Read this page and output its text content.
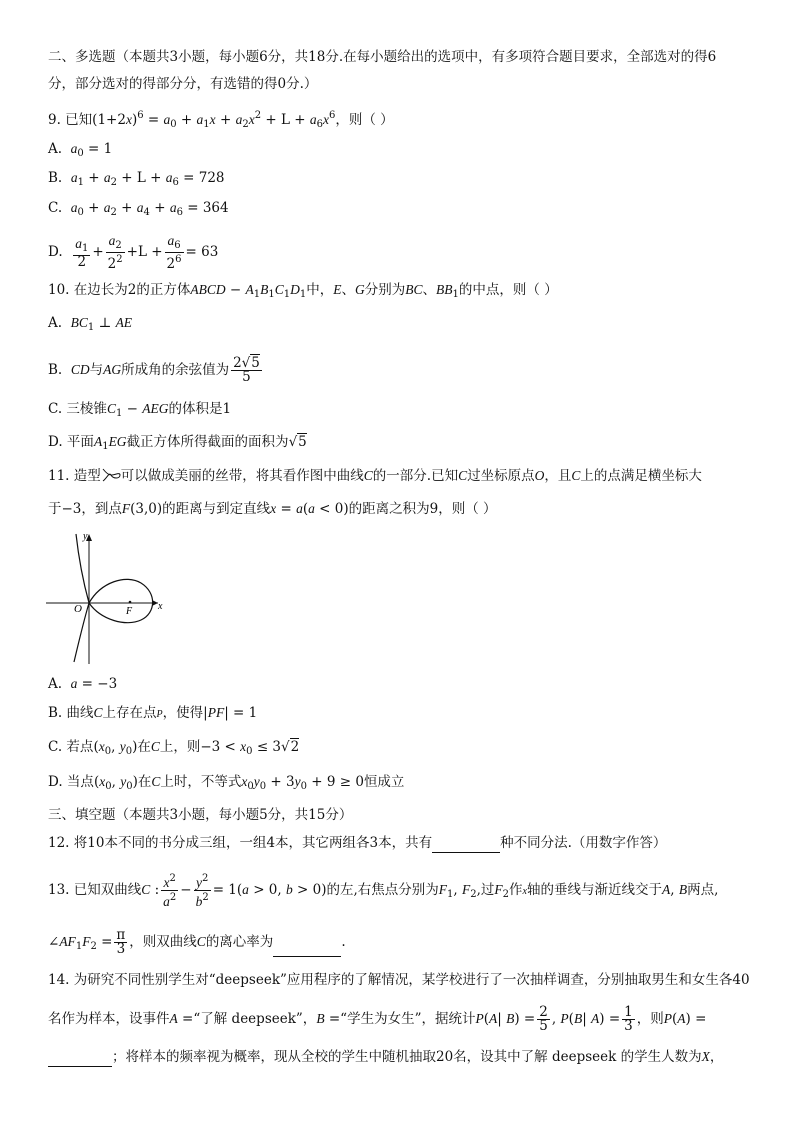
二、多选题（本题共3小题，每小题6分，共18分.在每小题给出的选项中，有多项符合题目要求，全部选对的得6
分，部分选对的得部分分，有选错的得0分.）
9. 已知$(1+2x)^6 = a_0 + a_1x + a_2x^2 + L + a_6x^6$，则（ ）
A. $a_0 = 1$
B. $a_1 + a_2 + L + a_6 = 728$
C. $a_0 + a_2 + a_4 + a_6 = 364$
D. $\frac{a_1}{2} + \frac{a_2}{2^2} +L + \frac{a_6}{2^6} = 63$
10. 在边长为2的正方体ABCD − $A_1B_1C_1D_1$中，E、G分别为BC、$BB_1$的中点，则（ ）
A. $BC_1$ ⊥ AE
B. CD与AG所成角的余弦值为 $\frac{2√5}{5}$
C. 三棱锥$C_1$ − AEG的体积是1
D. 平面$A_1EG$截正方体所得截面的面积为√5
11. 造型 可以做成美丽的丝带，将其看作图中曲线C的一部分.已知C过坐标原点O，且C上的点满足横坐标大
于−3，到点F(3,0)的距离与到定直线x = a(a < 0)的距离之积为9，则（ ）
y
x
O	F
A. a = −3
B. 曲线C上存在点P，使得|PF| = 1
C. 若点($x_0$, $y_0$)在C上，则$-3 < x_0 \le 3√2$
D. 当点($x_0$, $y_0$)在C上时，不等式$x_0y_0 + 3y_0 + 9 \ge 0$恒成立
三、填空题（本题共3小题，每小题5分，共15分）
12. 将10本不同的书分成三组，一组4本，其它两组各3本，共有	种不同分法.（用数字作答）
13. 已知双曲线C : $\frac{x^2}{a^2} - \frac{y^2}{b^2} = 1(a > 0$, b > 0)的左,右焦点分别为$F_1$, $F_2$,过$F_2$作x轴的垂线与渐近线交于A, B两点,
$\angle AF_1F_2 = \frac{\pi}{3}$ ，则双曲线C的离心率为	.
14. 为研究不同性别学生对“deepseek”应用程序的了解情况，某学校进行了一次抽样调查，分别抽取男生和女生各40
名作为样本，设事件A =“了解 deepseek”，B =“学生为女生”，据统计P(A| $B) = \frac{2}{5}$ , P(B| $A) = \frac{1}{3}$ ，则P(A) =
；将样本的频率视为概率，现从全校的学生中随机抽取20名，设其中了解 deepseek 的学生人数为X，
